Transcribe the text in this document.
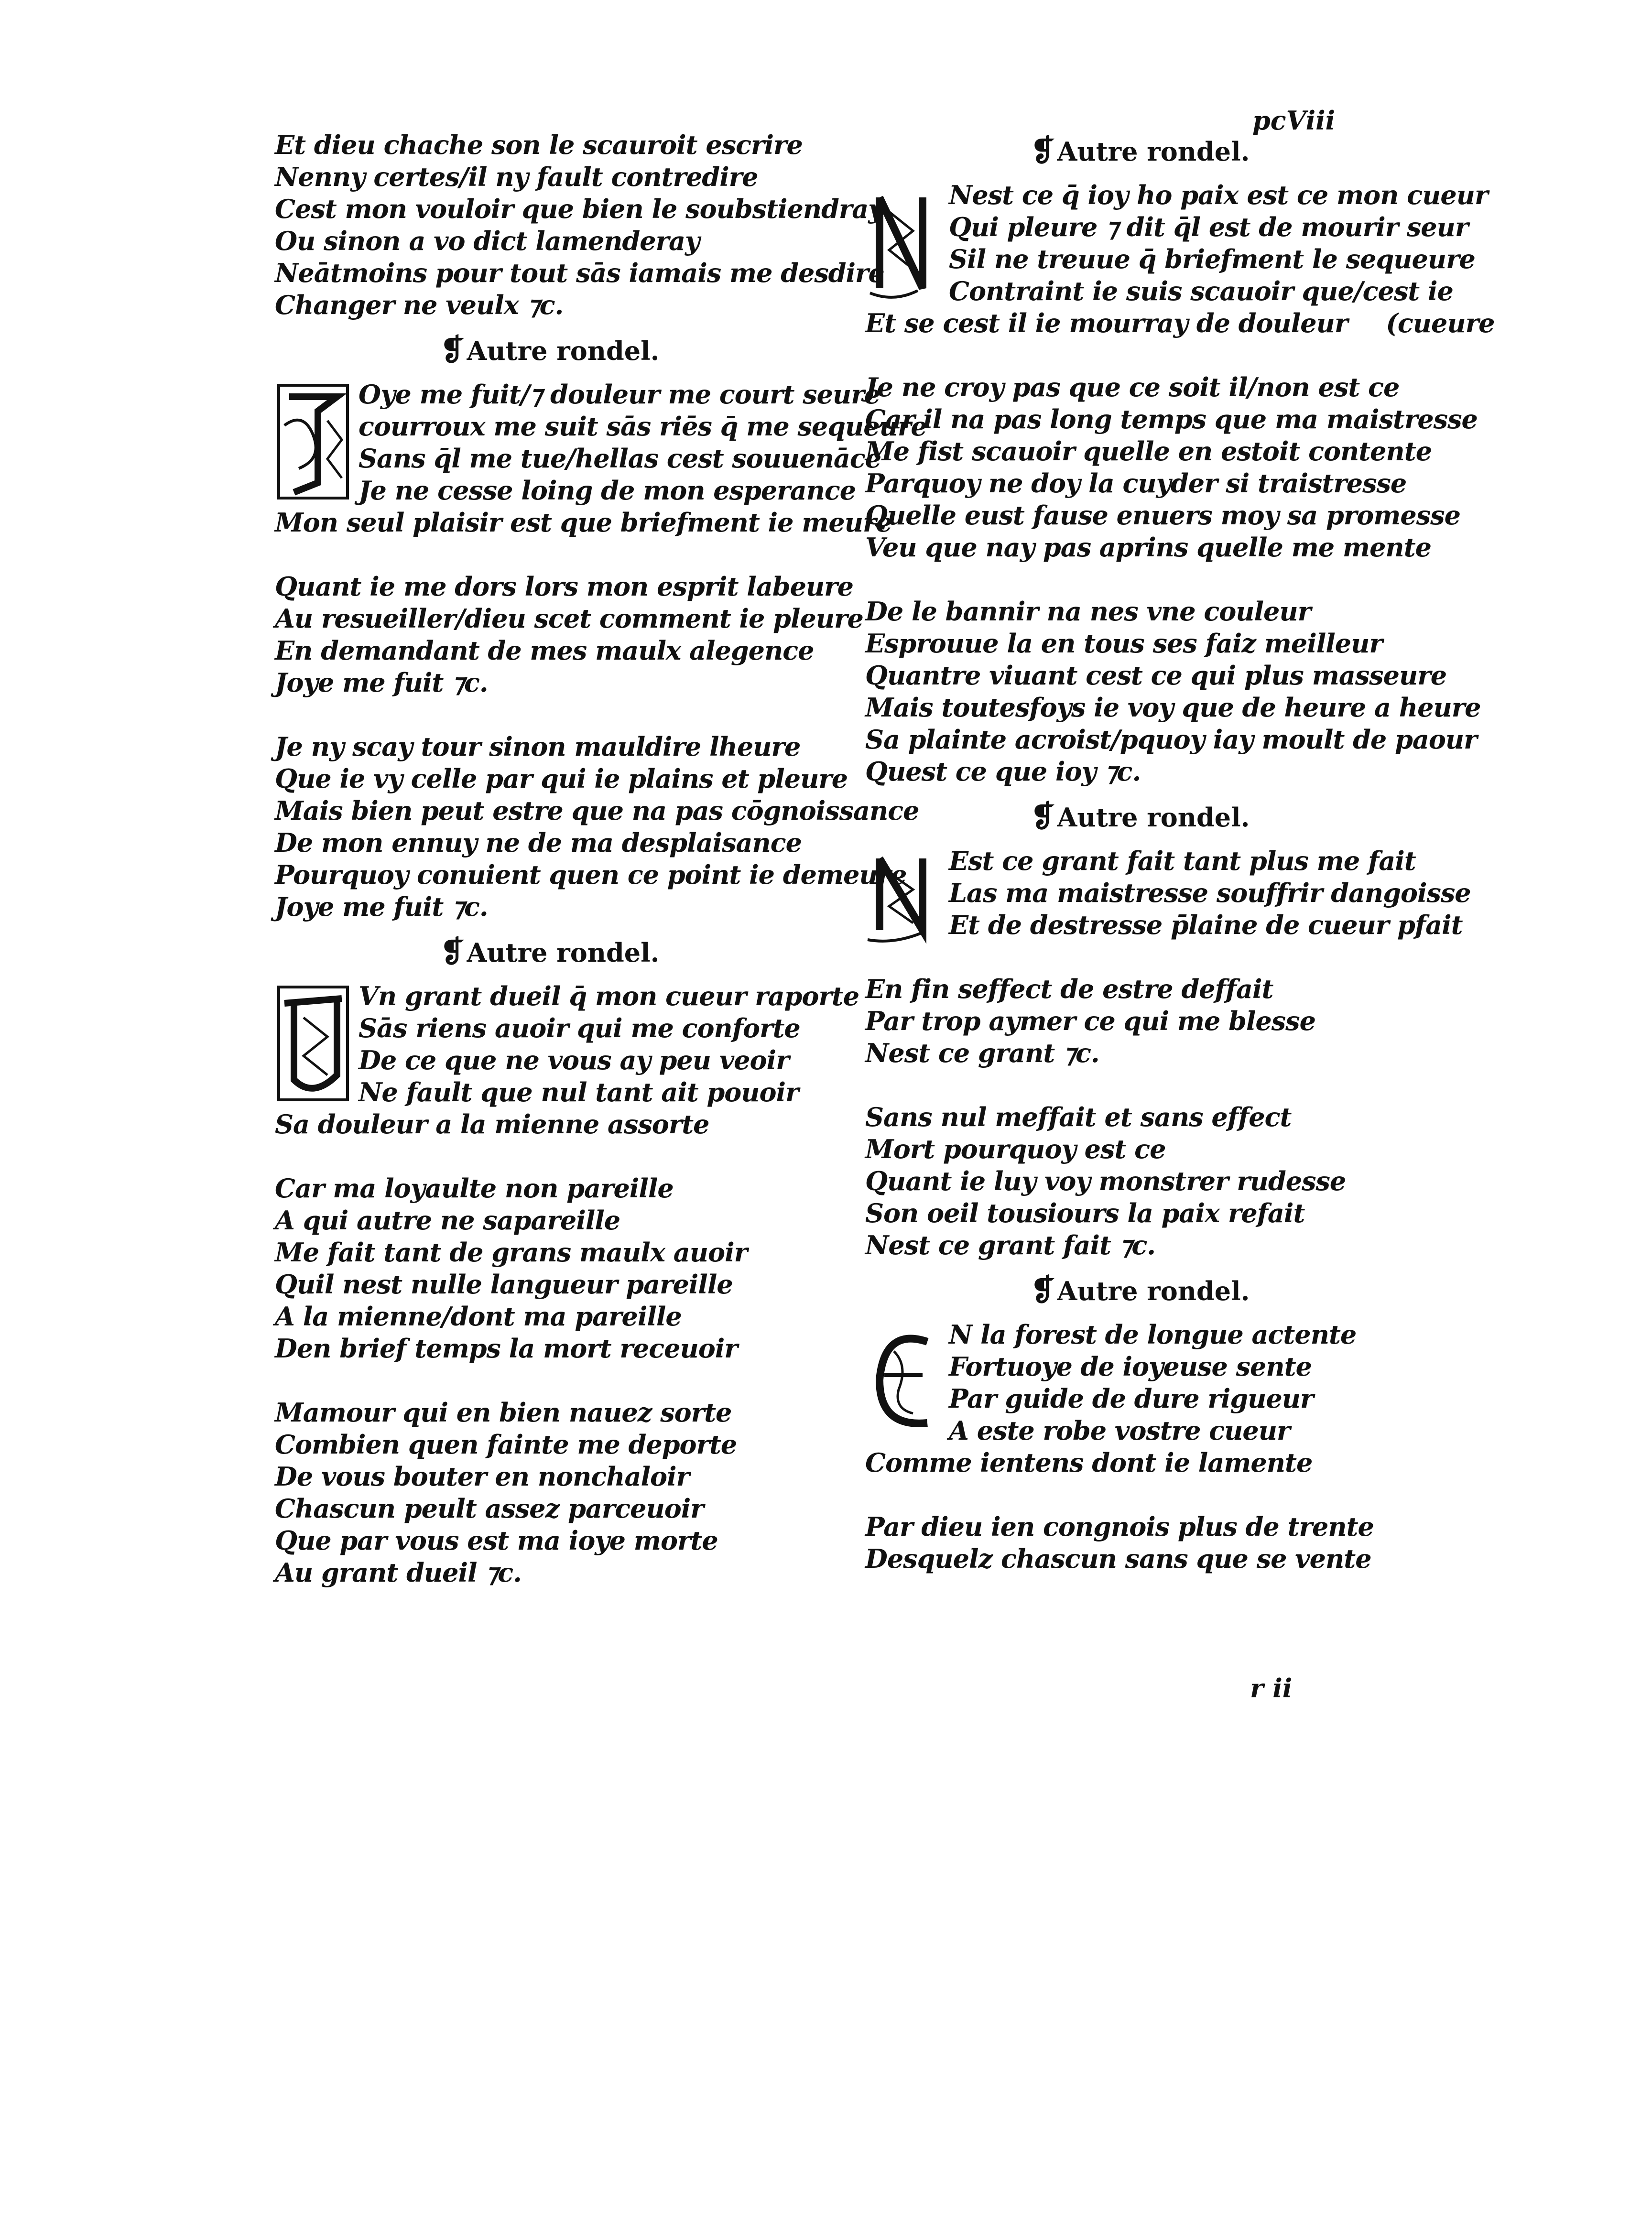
pcViii
Et dieu chache son le scauroit escrire
Nenny certes/il ny fault contredire
Cest mon vouloir que bien le soubstiendray
Ou sinon a vo dict lamenderay
Neātmoins pour tout sās iamais me desdire
Changer ne veulx ⁊c.
❡Autre rondel.
Oye me fuit/⁊ douleur me court seure
courroux me suit sās riēs q̄ me sequeure
Sans q̄l me tue/hellas cest souuenāce
Je ne cesse loing de mon esperance
Mon seul plaisir est que briefment ie meure
Quant ie me dors lors mon esprit labeure
Au resueiller/dieu scet comment ie pleure
En demandant de mes maulx alegence
Joye me fuit ⁊c.
Je ny scay tour sinon mauldire lheure
Que ie vy celle par qui ie plains et pleure
Mais bien peut estre que na pas cōgnoissance
De mon ennuy ne de ma desplaisance
Pourquoy conuient quen ce point ie demeure
Joye me fuit ⁊c.
❡Autre rondel.
Vn grant dueil q̄ mon cueur raporte
Sās riens auoir qui me conforte
De ce que ne vous ay peu veoir
Ne fault que nul tant ait pouoir
Sa douleur a la mienne assorte
Car ma loyaulte non pareille
A qui autre ne sapareille
Me fait tant de grans maulx auoir
Quil nest nulle langueur pareille
A la mienne/dont ma pareille
Den brief temps la mort receuoir
Mamour qui en bien nauez sorte
Combien quen fainte me deporte
De vous bouter en nonchaloir
Chascun peult assez parceuoir
Que par vous est ma ioye morte
Au grant dueil ⁊c.
❡Autre rondel.
Nest ce q̄ ioy ho paix est ce mon cueur
Qui pleure ⁊ dit q̄l est de mourir seur
Sil ne treuue q̄ briefment le sequeure
Contraint ie suis scauoir que/cest ie
Et se cest il ie mourray de douleur (cueure
Je ne croy pas que ce soit il/non est ce
Car il na pas long temps que ma maistresse
Me fist scauoir quelle en estoit contente
Parquoy ne doy la cuyder si traistresse
Quelle eust fause enuers moy sa promesse
Veu que nay pas aprins quelle me mente
De le bannir na nes vne couleur
Esprouue la en tous ses faiz meilleur
Quantre viuant cest ce qui plus masseure
Mais toutesfoys ie voy que de heure a heure
Sa plainte acroist/pquoy iay moult de paour
Quest ce que ioy ⁊c.
❡Autre rondel.
Est ce grant fait tant plus me fait
Las ma maistresse souffrir dangoisse
Et de destresse p̄laine de cueur pfait
En fin seffect de estre deffait
Par trop aymer ce qui me blesse
Nest ce grant ⁊c.
Sans nul meffait et sans effect
Mort pourquoy est ce
Quant ie luy voy monstrer rudesse
Son oeil tousiours la paix refait
Nest ce grant fait ⁊c.
❡Autre rondel.
N la forest de longue actente
Fortuoye de ioyeuse sente
Par guide de dure rigueur
A este robe vostre cueur
Comme ientens dont ie lamente
Par dieu ien congnois plus de trente
Desquelz chascun sans que se vente
r ii
